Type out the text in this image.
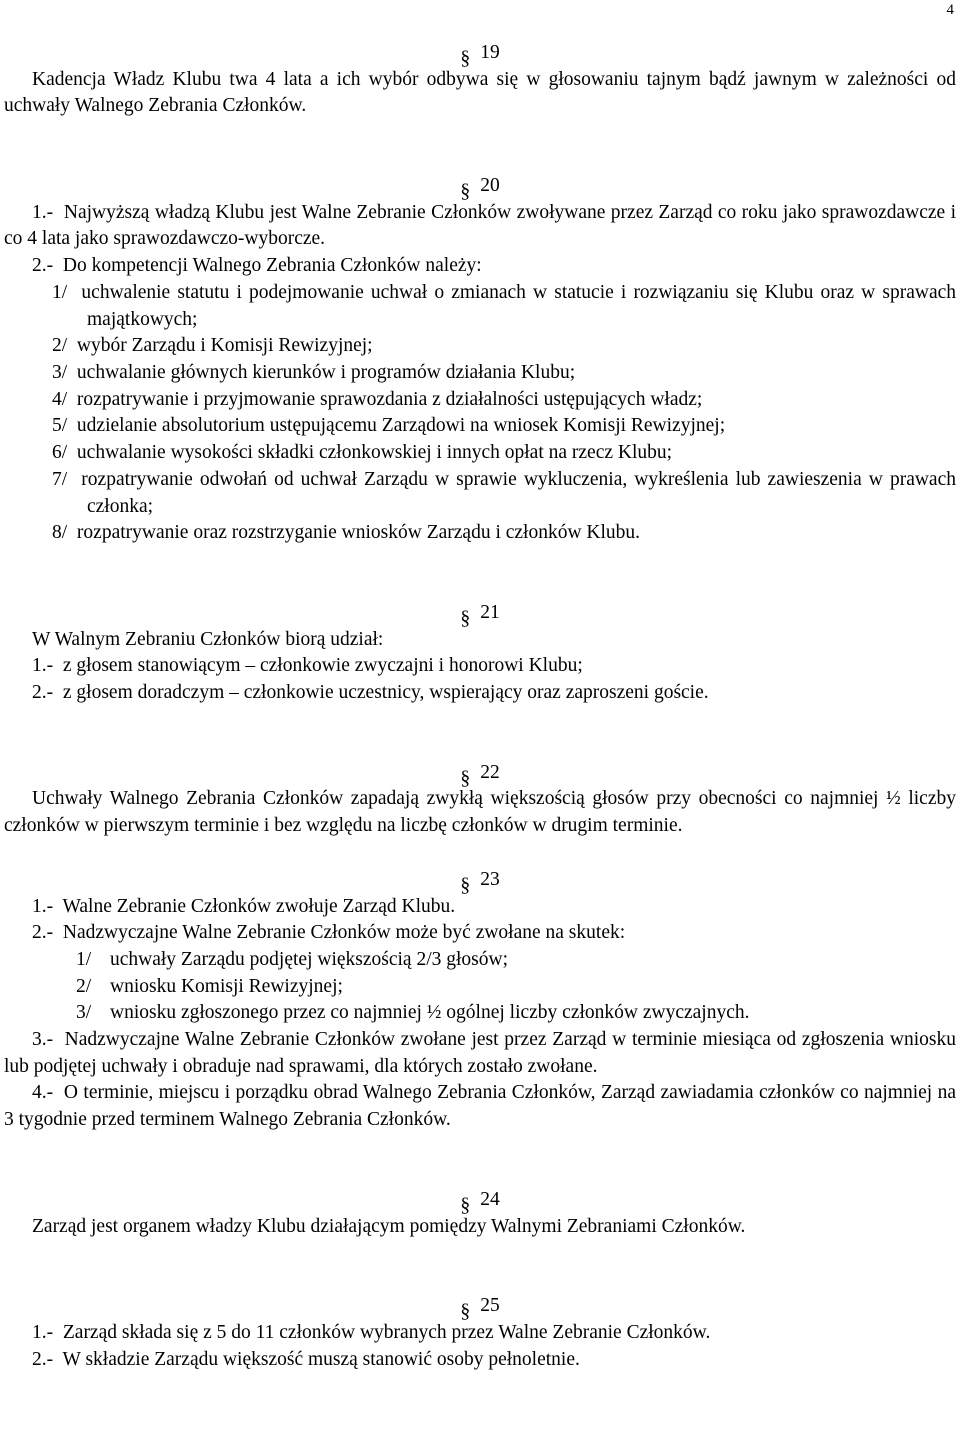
4
§ 19

Kadencja Władz Klubu twa 4 lata a ich wybór odbywa się w głosowaniu tajnym bądź jawnym w zależności od uchwały Walnego Zebrania Członków.

§ 20

1.- Najwyższą władzą Klubu jest Walne Zebranie Członków zwoływane przez Zarząd co roku jako sprawozdawcze i co 4 lata jako sprawozdawczo-wyborcze.

2.- Do kompetencji Walnego Zebrania Członków należy:

1/ uchwalenie statutu i podejmowanie uchwał o zmianach w statucie i rozwiązaniu się Klubu oraz w sprawach majątkowych;

2/ wybór Zarządu i Komisji Rewizyjnej;

3/ uchwalanie głównych kierunków i programów działania Klubu;

4/ rozpatrywanie i przyjmowanie sprawozdania z działalności ustępujących władz;

5/ udzielanie absolutorium ustępującemu Zarządowi na wniosek Komisji Rewizyjnej;

6/ uchwalanie wysokości składki członkowskiej i innych opłat na rzecz Klubu;

7/ rozpatrywanie odwołań od uchwał Zarządu w sprawie wykluczenia, wykreślenia lub zawieszenia w prawach członka;

8/ rozpatrywanie oraz rozstrzyganie wniosków Zarządu i członków Klubu.

§ 21

W Walnym Zebraniu Członków biorą udział:

1.- z głosem stanowiącym – członkowie zwyczajni i honorowi Klubu;

2.- z głosem doradczym – członkowie uczestnicy, wspierający oraz zaproszeni goście.

§ 22

Uchwały Walnego Zebrania Członków zapadają zwykłą większością głosów przy obecności co najmniej ½ liczby członków w pierwszym terminie i bez względu na liczbę członków w drugim terminie.

§ 23

1.- Walne Zebranie Członków zwołuje Zarząd Klubu.

2.- Nadzwyczajne Walne Zebranie Członków może być zwołane na skutek:

1/ uchwały Zarządu podjętej większością 2/3 głosów;

2/ wniosku Komisji Rewizyjnej;

3/ wniosku zgłoszonego przez co najmniej ½ ogólnej liczby członków zwyczajnych.

3.- Nadzwyczajne Walne Zebranie Członków zwołane jest przez Zarząd w terminie miesiąca od zgłoszenia wniosku lub podjętej uchwały i obraduje nad sprawami, dla których zostało zwołane.

4.- O terminie, miejscu i porządku obrad Walnego Zebrania Członków, Zarząd zawiadamia członków co najmniej na 3 tygodnie przed terminem Walnego Zebrania Członków.

§ 24

Zarząd jest organem władzy Klubu działającym pomiędzy Walnymi Zebraniami Członków.

§ 25

1.- Zarząd składa się z 5 do 11 członków wybranych przez Walne Zebranie Członków.

2.- W składzie Zarządu większość muszą stanowić osoby pełnoletnie.
